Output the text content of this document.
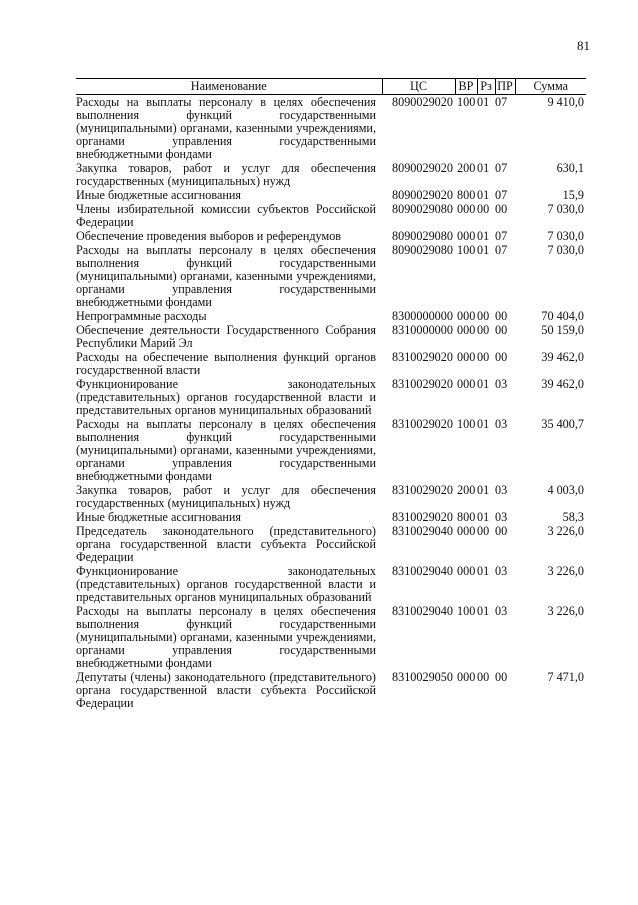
81
Наименование	ЦС	ВР	Рз	ПР	Сумма

Расходы на выплаты персоналу в целях обеспечения выполнения функций государственными (муниципальными) органами, казенными учреждениями, органами управления государственными внебюджетными фондами	8090029020	100	01	07	9 410,0

Закупка товаров, работ и услуг для обеспечения государственных (муниципальных) нужд	8090029020	200	01	07	630,1

Иные бюджетные ассигнования	8090029020	800	01	07	15,9

Члены избирательной комиссии субъектов Российской Федерации	8090029080	000	00	00	7 030,0

Обеспечение проведения выборов и референдумов	8090029080	000	01	07	7 030,0

Расходы на выплаты персоналу в целях обеспечения выполнения функций государственными (муниципальными) органами, казенными учреждениями, органами управления государственными внебюджетными фондами	8090029080	100	01	07	7 030,0

Непрограммные расходы	8300000000	000	00	00	70 404,0

Обеспечение деятельности Государственного Собрания Республики Марий Эл	8310000000	000	00	00	50 159,0

Расходы на обеспечение выполнения функций органов государственной власти	8310029020	000	00	00	39 462,0

Функционирование законодательных (представительных) органов государственной власти и представительных органов муниципальных образований	8310029020	000	01	03	39 462,0

Расходы на выплаты персоналу в целях обеспечения выполнения функций государственными (муниципальными) органами, казенными учреждениями, органами управления государственными внебюджетными фондами	8310029020	100	01	03	35 400,7

Закупка товаров, работ и услуг для обеспечения государственных (муниципальных) нужд	8310029020	200	01	03	4 003,0

Иные бюджетные ассигнования	8310029020	800	01	03	58,3

Председатель законодательного (представительного) органа государственной власти субъекта Российской Федерации	8310029040	000	00	00	3 226,0

Функционирование законодательных (представительных) органов государственной власти и представительных органов муниципальных образований	8310029040	000	01	03	3 226,0

Расходы на выплаты персоналу в целях обеспечения выполнения функций государственными (муниципальными) органами, казенными учреждениями, органами управления государственными внебюджетными фондами	8310029040	100	01	03	3 226,0

Депутаты (члены) законодательного (представительного) органа государственной власти субъекта Российской Федерации	8310029050	000	00	00	7 471,0
